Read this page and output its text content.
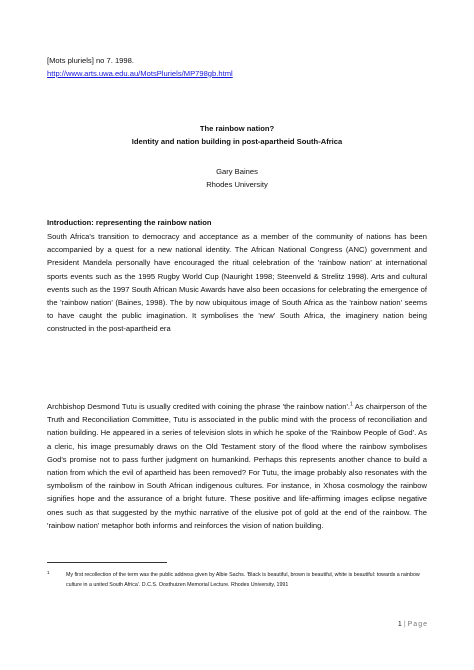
[Mots pluriels] no 7. 1998.
http://www.arts.uwa.edu.au/MotsPluriels/MP798gb.html
The rainbow nation?
Identity and nation building in post-apartheid South-Africa
Gary Baines
Rhodes University
Introduction: representing the rainbow nation

South Africa's transition to democracy and acceptance as a member of the community of nations has been accompanied by a quest for a new national identity. The African National Congress (ANC) government and President Mandela personally have encouraged the ritual celebration of the 'rainbow nation' at international sports events such as the 1995 Rugby World Cup (Nauright 1998; Steenveld & Strelitz 1998). Arts and cultural events such as the 1997 South African Music Awards have also been occasions for celebrating the emergence of the 'rainbow nation' (Baines, 1998). The by now ubiquitous image of South Africa as the 'rainbow nation' seems to have caught the public imagination. It symbolises the 'new' South Africa, the imaginery nation being constructed in the post-apartheid era

Archbishop Desmond Tutu is usually credited with coining the phrase 'the rainbow nation'.$^1$ As chairperson of the Truth and Reconciliation Committee, Tutu is associated in the public mind with the process of reconciliation and nation building. He appeared in a series of television slots in which he spoke of the 'Rainbow People of God'. As a cleric, his image presumably draws on the Old Testament story of the flood where the rainbow symbolises God's promise not to pass further judgment on humankind. Perhaps this represents another chance to build a nation from which the evil of apartheid has been removed? For Tutu, the image probably also resonates with the symbolism of the rainbow in South African indigenous cultures. For instance, in Xhosa cosmology the rainbow signifies hope and the assurance of a bright future. These positive and life-affirming images eclipse negative ones such as that suggested by the mythic narrative of the elusive pot of gold at the end of the rainbow. The 'rainbow nation' metaphor both informs and reinforces the vision of nation building.

1	My first recollection of the term was the public address given by Albie Sachs. 'Black is beautiful, brown is beautiful, white is beautiful: towards a rainbow culture in a united South Africa'. D.C.S. Oosthuizen Memorial Lecture. Rhodes University, 1991

1 | Page
